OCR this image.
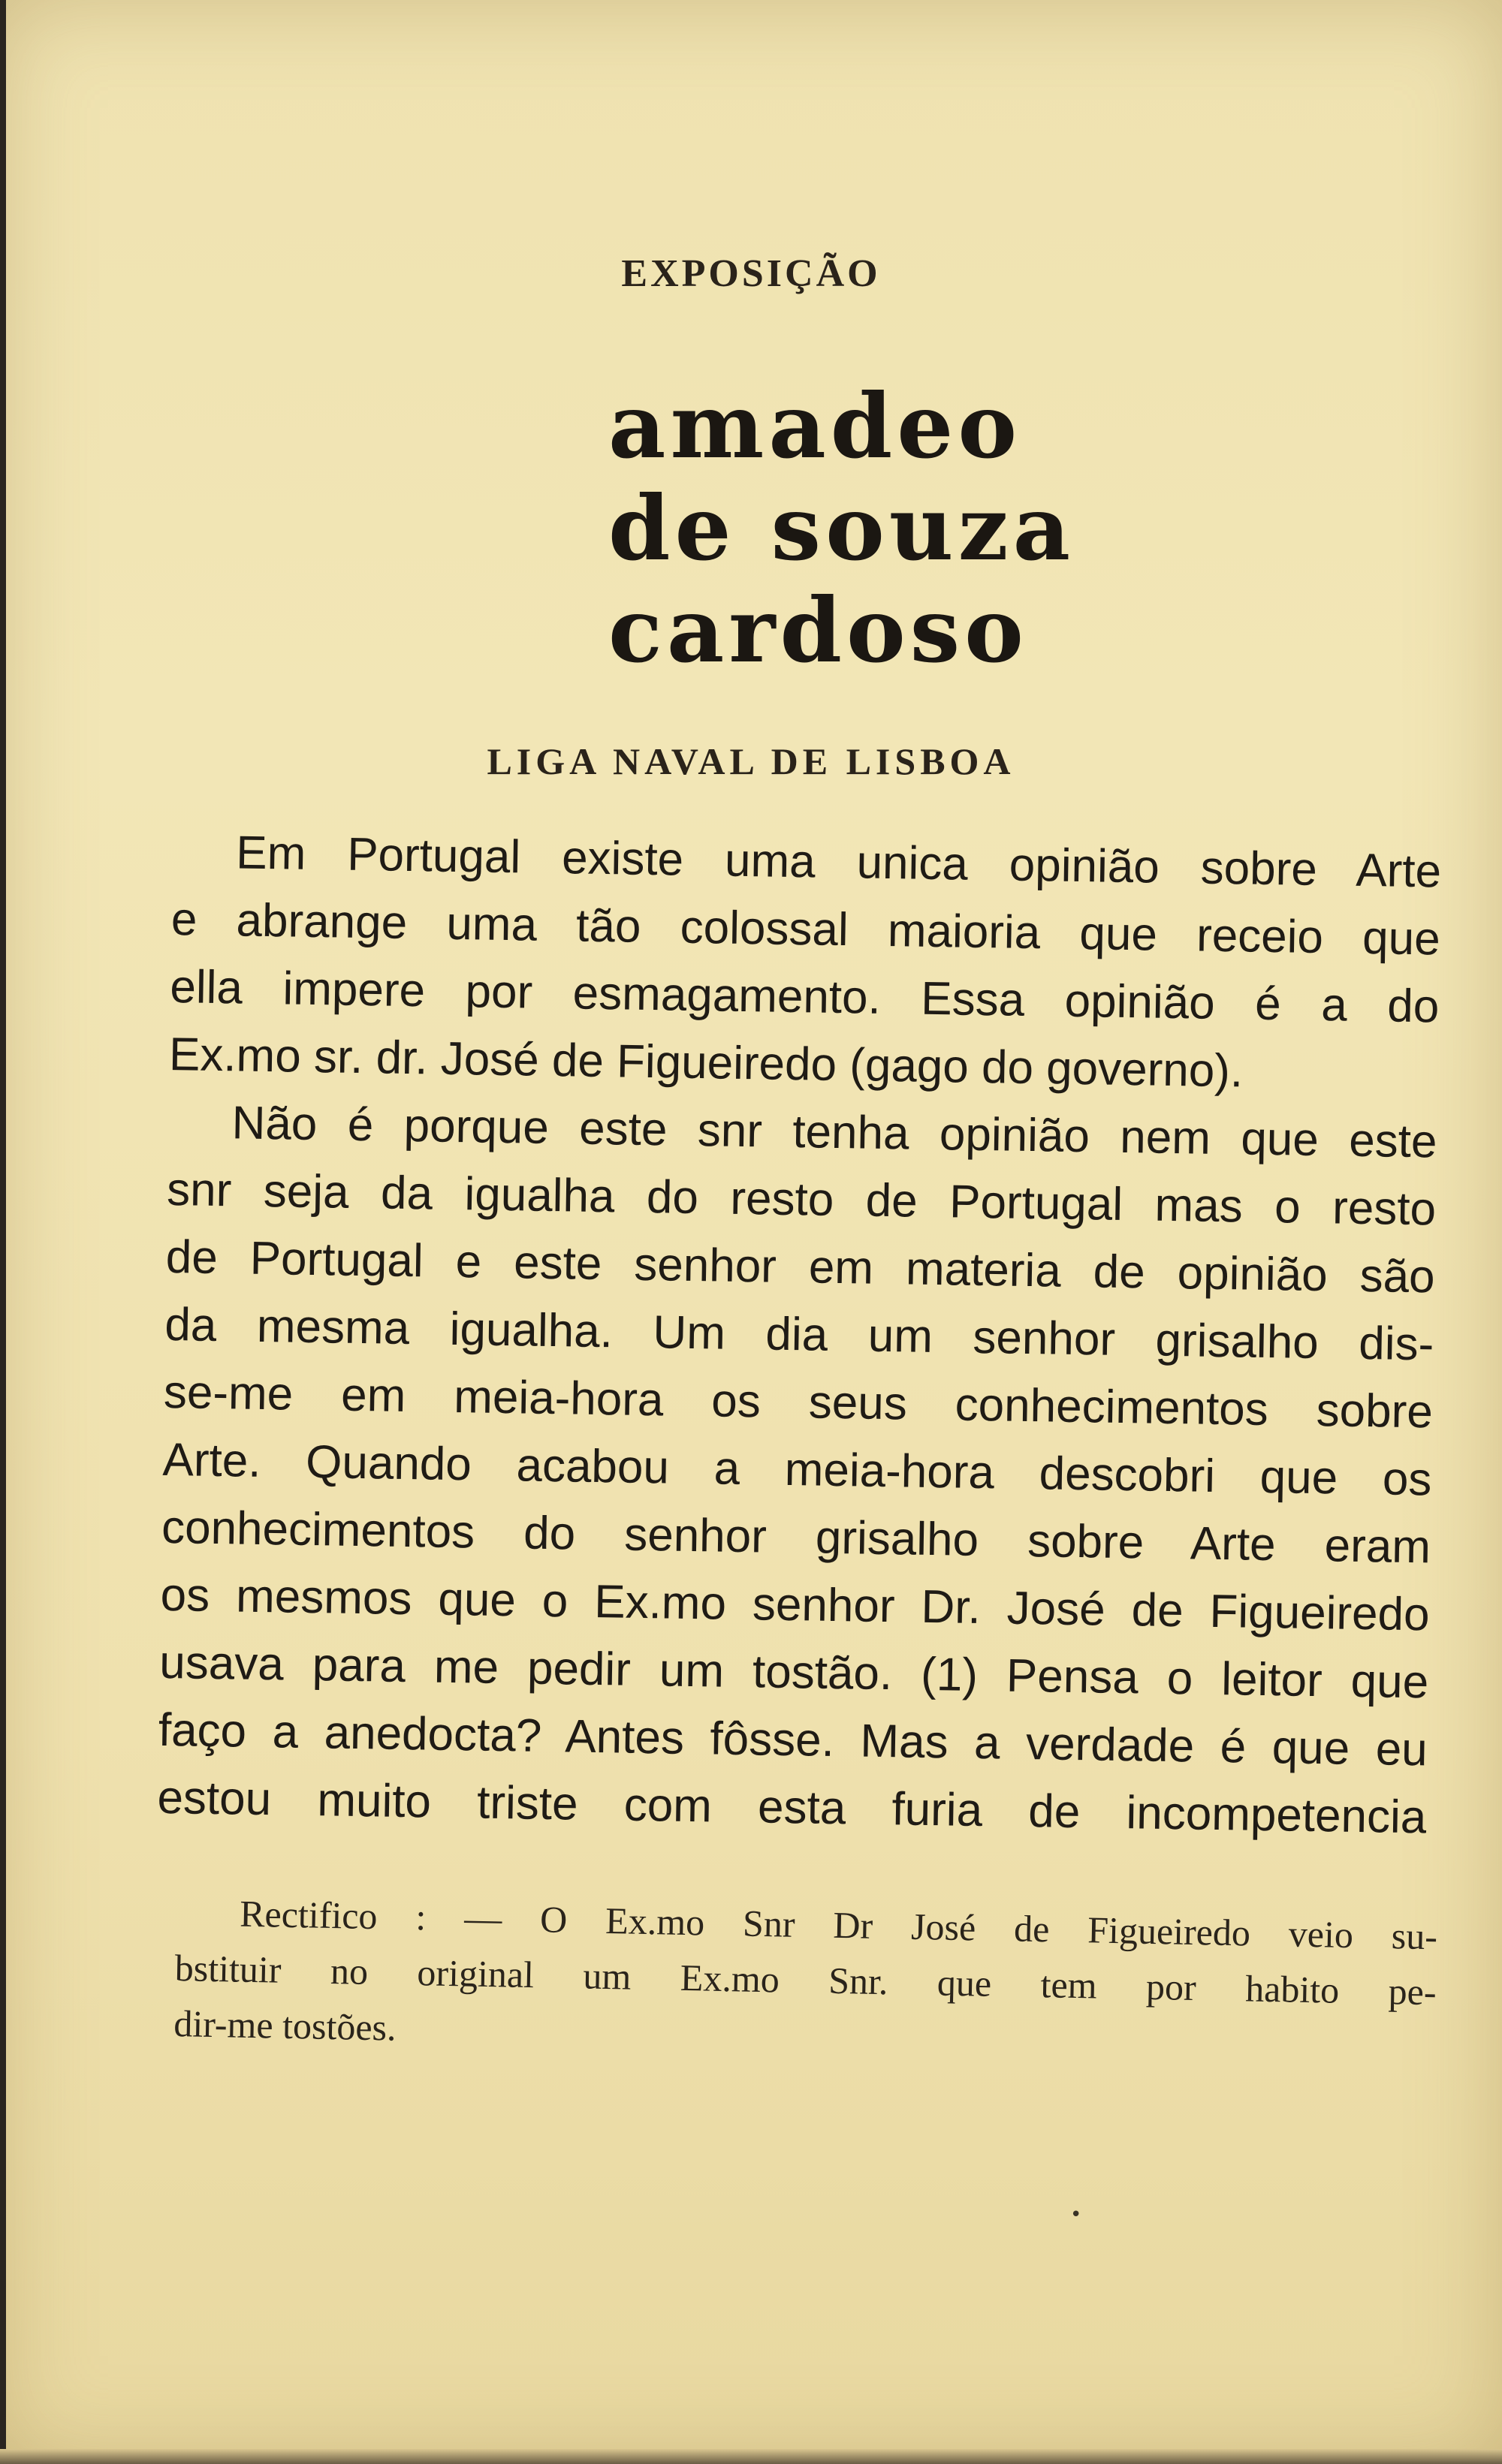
EXPOSIÇÃO
amadeo
de souza
cardoso
LIGA NAVAL DE LISBOA
Em Portugal existe uma unica opinião sobre Arte
e abrange uma tão colossal maioria que receio que
ella impere por esmagamento. Essa opinião é a do
Ex.mo sr. dr. José de Figueiredo (gago do governo).
Não é porque este snr tenha opinião nem que este
snr seja da igualha do resto de Portugal mas o resto
de Portugal e este senhor em materia de opinião são
da mesma igualha. Um dia um senhor grisalho dis-
se-me em meia-hora os seus conhecimentos sobre
Arte. Quando acabou a meia-hora descobri que os
conhecimentos do senhor grisalho sobre Arte eram
os mesmos que o Ex.mo senhor Dr. José de Figueiredo
usava para me pedir um tostão. (1) Pensa o leitor que
faço a anedocta? Antes fôsse. Mas a verdade é que eu
estou muito triste com esta furia de incompetencia
Rectifico : — O Ex.mo Snr Dr José de Figueiredo veio su-
bstituir no original um Ex.mo Snr. que tem por habito pe-
dir-me tostões.
•
